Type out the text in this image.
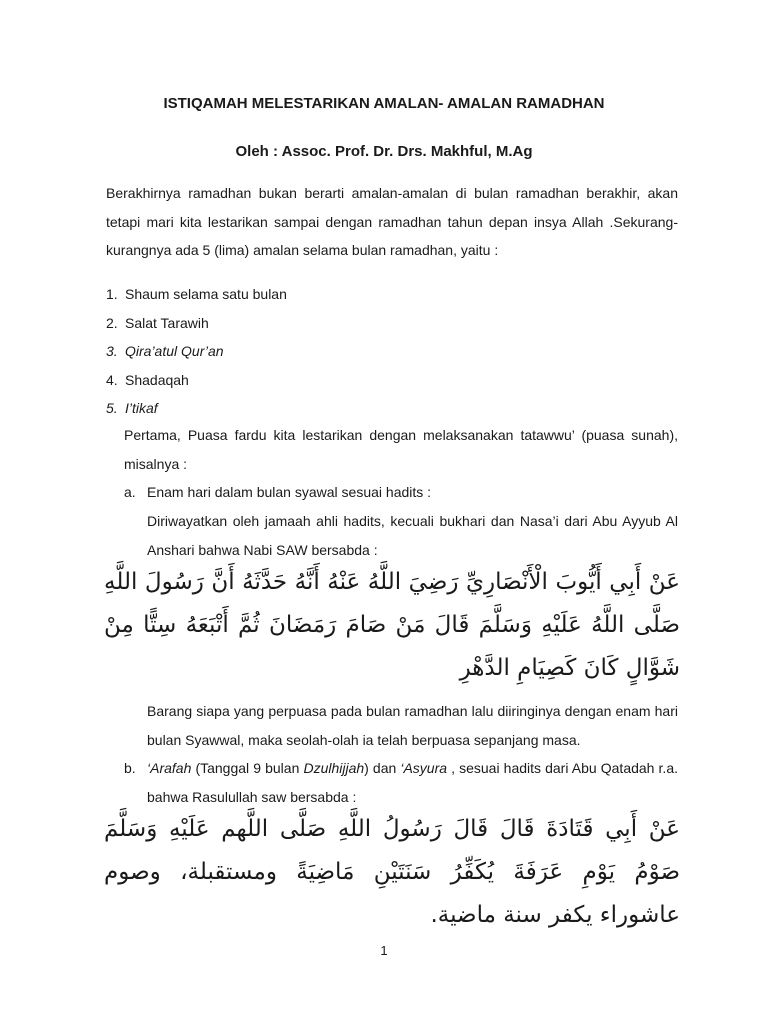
ISTIQAMAH MELESTARIKAN AMALAN- AMALAN RAMADHAN
Oleh : Assoc. Prof. Dr. Drs. Makhful, M.Ag

Berakhirnya ramadhan bukan berarti amalan-amalan di bulan ramadhan berakhir, akan tetapi mari kita lestarikan sampai dengan ramadhan tahun depan insya Allah .Sekurang-kurangnya ada 5 (lima) amalan selama bulan ramadhan, yaitu :

1. Shaum selama satu bulan
2. Salat Tarawih
3. Qira’atul Qur’an
4. Shadaqah
5. I’tikaf

Pertama, Puasa fardu kita lestarikan dengan melaksanakan tatawwu’ (puasa sunah), misalnya :

a. Enam hari dalam bulan syawal sesuai hadits :

Diriwayatkan oleh jamaah ahli hadits, kecuali bukhari dan Nasa’i dari Abu Ayyub Al Anshari bahwa Nabi SAW bersabda :

عَنْ أَبِي أَيُّوبَ الْأَنْصَارِيِّ رَضِيَ اللَّهُ عَنْهُ أَنَّهُ حَدَّثَهُ أَنَّ رَسُولَ اللَّهِ صَلَّى اللَّهُ عَلَيْهِ وَسَلَّمَ قَالَ مَنْ صَامَ رَمَضَانَ ثُمَّ أَتْبَعَهُ سِتًّا مِنْ شَوَّالٍ كَانَ كَصِيَامِ الدَّهْرِ

Barang siapa yang perpuasa pada bulan ramadhan lalu diiringinya dengan enam hari bulan Syawwal, maka seolah-olah ia telah berpuasa sepanjang masa.

b. ‘Arafah (Tanggal 9 bulan Dzulhijjah) dan ‘Asyura , sesuai hadits dari Abu Qatadah r.a. bahwa Rasulullah saw bersabda :

عَنْ أَبِي قَتَادَةَ قَالَ قَالَ رَسُولُ اللَّهِ صَلَّى اللَّهم عَلَيْهِ وَسَلَّمَ صَوْمُ يَوْمِ عَرَفَةَ يُكَفِّرُ سَنَتَيْنِ مَاضِيَةً ومستقبلة، وصوم عاشوراء يكفر سنة ماضية.

1
